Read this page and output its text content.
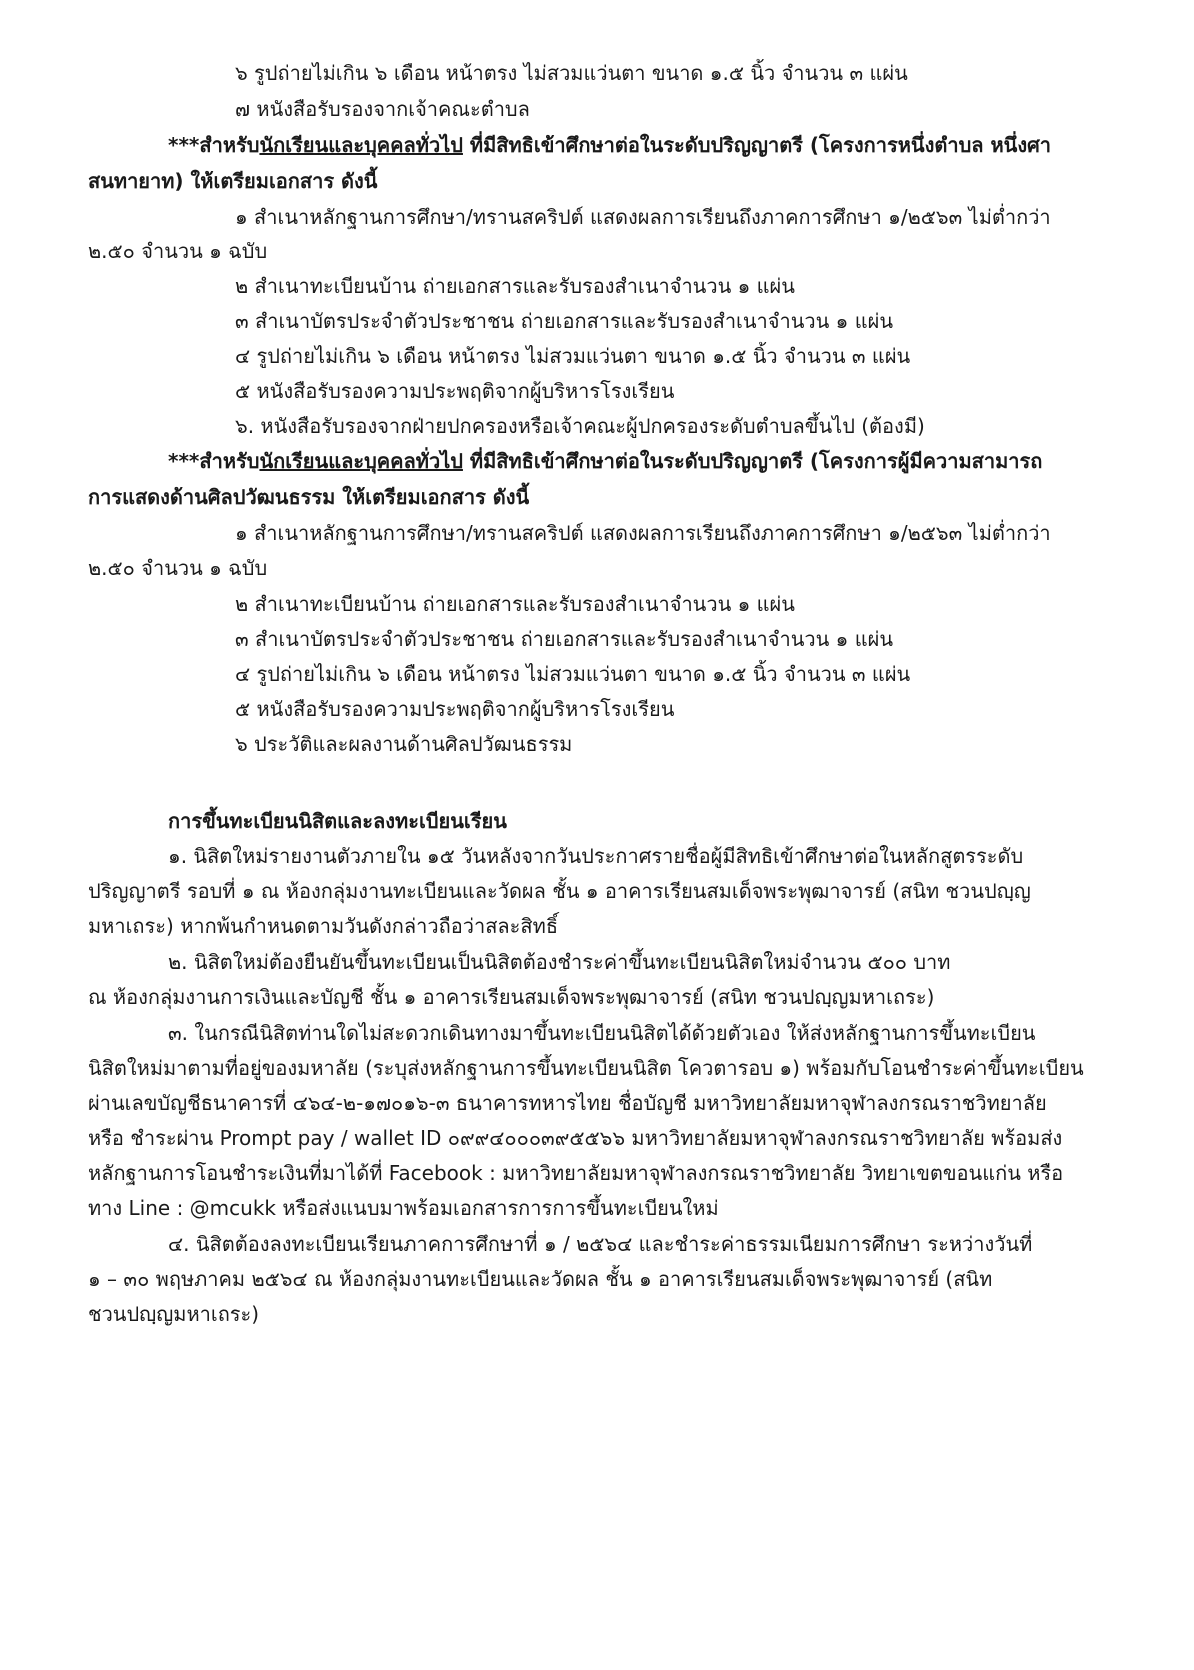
๖ รูปถ่ายไม่เกิน ๖ เดือน หน้าตรง ไม่สวมแว่นตา ขนาด ๑.๕ นิ้ว จำนวน ๓ แผ่น
๗ หนังสือรับรองจากเจ้าคณะตำบล
***สำหรับนักเรียนและบุคคลทั่วไป ที่มีสิทธิเข้าศึกษาต่อในระดับปริญญาตรี (โครงการหนึ่งตำบล หนึ่งศา
สนทายาท) ให้เตรียมเอกสาร ดังนี้
๑ สำเนาหลักฐานการศึกษา/ทรานสคริปต์ แสดงผลการเรียนถึงภาคการศึกษา ๑/๒๕๖๓ ไม่ต่ำกว่า
๒.๕๐ จำนวน ๑ ฉบับ
๒ สำเนาทะเบียนบ้าน ถ่ายเอกสารและรับรองสำเนาจำนวน ๑ แผ่น
๓ สำเนาบัตรประจำตัวประชาชน ถ่ายเอกสารและรับรองสำเนาจำนวน ๑ แผ่น
๔ รูปถ่ายไม่เกิน ๖ เดือน หน้าตรง ไม่สวมแว่นตา ขนาด ๑.๕ นิ้ว จำนวน ๓ แผ่น
๕ หนังสือรับรองความประพฤติจากผู้บริหารโรงเรียน
๖. หนังสือรับรองจากฝ่ายปกครองหรือเจ้าคณะผู้ปกครองระดับตำบลขึ้นไป (ต้องมี)
***สำหรับนักเรียนและบุคคลทั่วไป ที่มีสิทธิเข้าศึกษาต่อในระดับปริญญาตรี (โครงการผู้มีความสามารถ
การแสดงด้านศิลปวัฒนธรรม ให้เตรียมเอกสาร ดังนี้
๑ สำเนาหลักฐานการศึกษา/ทรานสคริปต์ แสดงผลการเรียนถึงภาคการศึกษา ๑/๒๕๖๓ ไม่ต่ำกว่า
๒.๕๐ จำนวน ๑ ฉบับ
๒ สำเนาทะเบียนบ้าน ถ่ายเอกสารและรับรองสำเนาจำนวน ๑ แผ่น
๓ สำเนาบัตรประจำตัวประชาชน ถ่ายเอกสารและรับรองสำเนาจำนวน ๑ แผ่น
๔ รูปถ่ายไม่เกิน ๖ เดือน หน้าตรง ไม่สวมแว่นตา ขนาด ๑.๕ นิ้ว จำนวน ๓ แผ่น
๕ หนังสือรับรองความประพฤติจากผู้บริหารโรงเรียน
๖ ประวัติและผลงานด้านศิลปวัฒนธรรม
การขึ้นทะเบียนนิสิตและลงทะเบียนเรียน
๑. นิสิตใหม่รายงานตัวภายใน ๑๕ วันหลังจากวันประกาศรายชื่อผู้มีสิทธิเข้าศึกษาต่อในหลักสูตรระดับ
ปริญญาตรี รอบที่ ๑ ณ ห้องกลุ่มงานทะเบียนและวัดผล ชั้น ๑ อาคารเรียนสมเด็จพระพุฒาจารย์ (สนิท ชวนปญฺญ
มหาเถระ) หากพ้นกำหนดตามวันดังกล่าวถือว่าสละสิทธิ์
๒. นิสิตใหม่ต้องยืนยันขึ้นทะเบียนเป็นนิสิตต้องชำระค่าขึ้นทะเบียนนิสิตใหม่จำนวน ๕๐๐ บาท
ณ ห้องกลุ่มงานการเงินและบัญชี ชั้น ๑ อาคารเรียนสมเด็จพระพุฒาจารย์ (สนิท ชวนปญฺญมหาเถระ)
๓. ในกรณีนิสิตท่านใดไม่สะดวกเดินทางมาขึ้นทะเบียนนิสิตได้ด้วยตัวเอง ให้ส่งหลักฐานการขึ้นทะเบียน
นิสิตใหม่มาตามที่อยู่ของมหาลัย (ระบุส่งหลักฐานการขึ้นทะเบียนนิสิต โควตารอบ ๑) พร้อมกับโอนชำระค่าขึ้นทะเบียน
ผ่านเลขบัญชีธนาคารที่ ๔๖๔-๒-๑๗๐๑๖-๓ ธนาคารทหารไทย ชื่อบัญชี มหาวิทยาลัยมหาจุฬาลงกรณราชวิทยาลัย
หรือ ชำระผ่าน Prompt pay / wallet ID ๐๙๙๔๐๐๐๓๙๕๕๖๖ มหาวิทยาลัยมหาจุฬาลงกรณราชวิทยาลัย พร้อมส่ง
หลักฐานการโอนชำระเงินที่มาได้ที่ Facebook : มหาวิทยาลัยมหาจุฬาลงกรณราชวิทยาลัย วิทยาเขตขอนแก่น หรือ
ทาง Line : @mcukk หรือส่งแนบมาพร้อมเอกสารการการขึ้นทะเบียนใหม่
๔. นิสิตต้องลงทะเบียนเรียนภาคการศึกษาที่ ๑ / ๒๕๖๔ และชำระค่าธรรมเนียมการศึกษา ระหว่างวันที่
๑ – ๓๐ พฤษภาคม ๒๕๖๔ ณ ห้องกลุ่มงานทะเบียนและวัดผล ชั้น ๑ อาคารเรียนสมเด็จพระพุฒาจารย์ (สนิท
ชวนปญฺญมหาเถระ)
